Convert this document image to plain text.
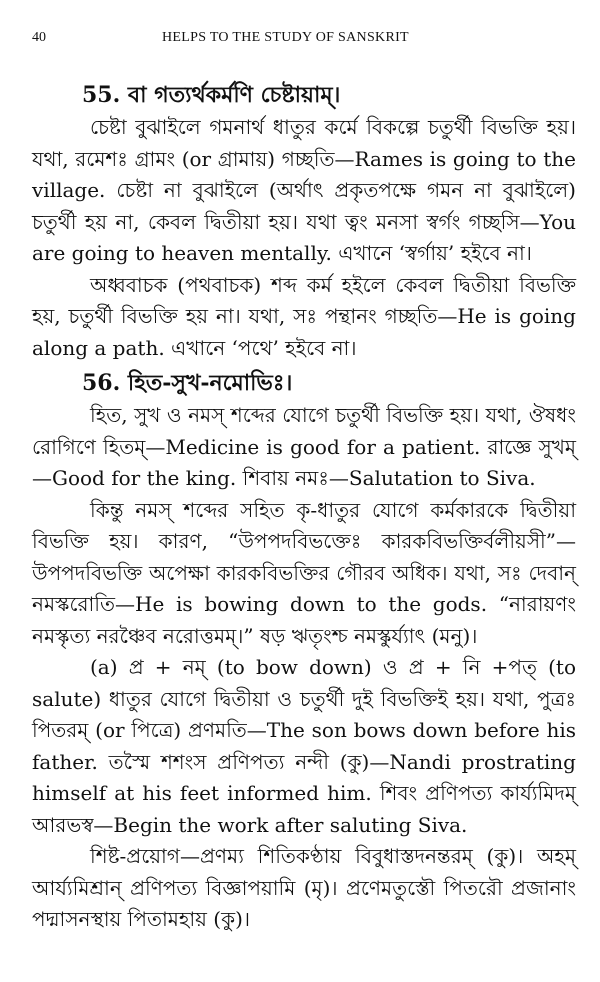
40	HELPS TO THE STUDY OF SANSKRIT

55. বা গত্যর্থকর্মণি চেষ্টায়াম্।

চেষ্টা বুঝাইলে গমনার্থ ধাতুর কর্মে বিকল্পে চতুর্থী বিভক্তি হয়। যথা, রমেশঃ গ্রামং (or গ্রামায়) গচ্ছতি—Rames is going to the village. চেষ্টা না বুঝাইলে (অর্থাৎ প্রকৃতপক্ষে গমন না বুঝাইলে) চতুর্থী হয় না, কেবল দ্বিতীয়া হয়। যথা ত্বং মনসা স্বর্গং গচ্ছসি—You are going to heaven mentally. এখানে ‘স্বর্গায়’ হইবে না।

অধ্ববাচক (পথবাচক) শব্দ কর্ম হইলে কেবল দ্বিতীয়া বিভক্তি হয়, চতুর্থী বিভক্তি হয় না। যথা, সঃ পন্থানং গচ্ছতি—He is going along a path. এখানে ‘পথে’ হইবে না।

56. হিত-সুখ-নমোভিঃ।

হিত, সুখ ও নমস্ শব্দের যোগে চতুর্থী বিভক্তি হয়। যথা, ঔষধং রোগিণে হিতম্—Medicine is good for a patient. রাজ্ঞে সুখম্—Good for the king. শিবায় নমঃ—Salutation to Siva.

কিন্তু নমস্ শব্দের সহিত কৃ-ধাতুর যোগে কর্মকারকে দ্বিতীয়া বিভক্তি হয়। কারণ, “উপপদবিভক্তেঃ কারকবিভক্তির্বলীয়সী”—উপপদবিভক্তি অপেক্ষা কারকবিভক্তির গৌরব অধিক। যথা, সঃ দেবান্ নমস্করোতি—He is bowing down to the gods. “নারায়ণং নমস্কৃত্য নরঞ্চৈব নরোত্তমম্।” ষড় ঋতৃংশ্চ নমস্কুর্য্যাৎ (মনু)।

(a) প্র + নম্ (to bow down) ও প্র + নি +পত্ (to salute) ধাতুর যোগে দ্বিতীয়া ও চতুর্থী দুই বিভক্তিই হয়। যথা, পুত্রঃ পিতরম্ (or পিত্রে) প্রণমতি—The son bows down before his father. তস্মৈ শশংস প্রণিপত্য নন্দী (কু)—Nandi prostrating himself at his feet informed him. শিবং প্রণিপত্য কার্য্যমিদম্ আরভস্ব—Begin the work after saluting Siva.

শিষ্ট-প্রয়োগ—প্রণম্য শিতিকণ্ঠায় বিবুধাস্তদনন্তরম্ (কু)। অহম্ আর্য্যমিশ্রান্ প্রণিপত্য বিজ্ঞাপয়ামি (মৃ)। প্রণেমতুস্তৌ পিতরৌ প্রজানাং পদ্মাসনস্থায় পিতামহায় (কু)।
